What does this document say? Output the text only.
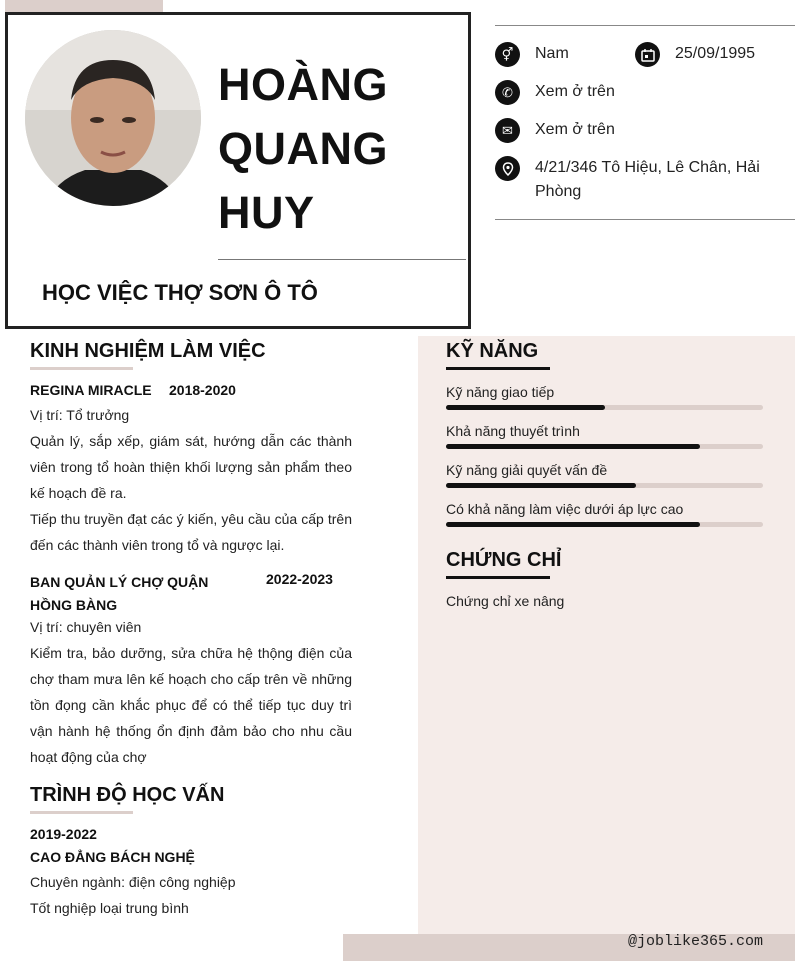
HOÀNG
QUANG
HUY
HỌC VIỆC THỢ SƠN Ô TÔ
⚥	Nam	25/09/1995
✆	Xem ở trên
✉	Xem ở trên
4/21/346 Tô Hiệu, Lê Chân, Hải Phòng
KINH NGHIỆM LÀM VIỆC
REGINA MIRACLE 2018-2020
Vị trí: Tổ trưởng
Quản lý, sắp xếp, giám sát, hướng dẫn các thành viên trong tổ hoàn thiện khối lượng sản phẩm theo kế hoạch đề ra.
Tiếp thu truyền đạt các ý kiến, yêu cầu của cấp trên đến các thành viên trong tổ và ngược lại.
BAN QUẢN LÝ CHỢ QUẬN HỒNG BÀNG
2022-2023
Vị trí: chuyên viên
Kiểm tra, bảo dưỡng, sửa chữa hệ thộng điện của chợ tham mưa lên kế hoạch cho cấp trên về những tồn đọng cần khắc phục để có thể tiếp tục duy trì vận hành hệ thống ổn định đảm bảo cho nhu cầu hoạt động của chợ
TRÌNH ĐỘ HỌC VẤN
2019-2022
CAO ĐẲNG BÁCH NGHỆ
Chuyên ngành: điện công nghiệp
Tốt nghiệp loại trung bình
KỸ NĂNG
Kỹ năng giao tiếp
Khả năng thuyết trình
Kỹ năng giải quyết vấn đề
Có khả năng làm việc dưới áp lực cao
CHỨNG CHỈ
Chứng chỉ xe nâng
@joblike365.com
